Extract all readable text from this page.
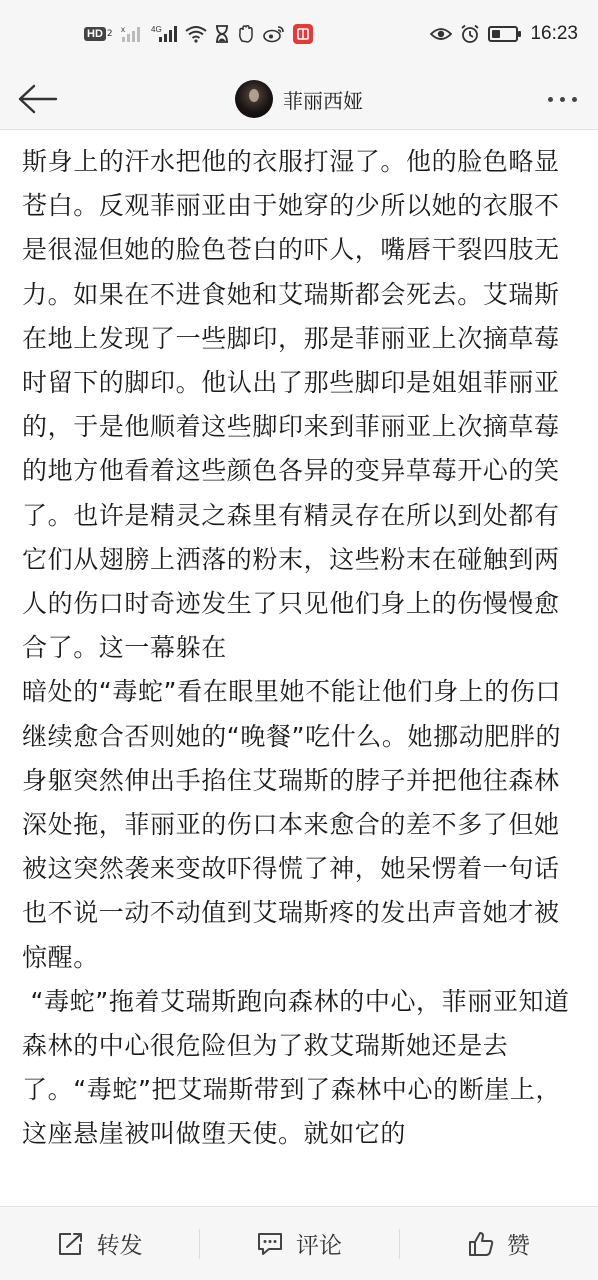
HD 2 x	4G	16:23
菲丽西娅

斯身上的汗水把他的衣服打湿了。他的脸色略显苍白。反观菲丽亚由于她穿的少所以她的衣服不是很湿但她的脸色苍白的吓人，嘴唇干裂四肢无力。如果在不进食她和艾瑞斯都会死去。艾瑞斯在地上发现了一些脚印，那是菲丽亚上次摘草莓时留下的脚印。他认出了那些脚印是姐姐菲丽亚的，于是他顺着这些脚印来到菲丽亚上次摘草莓的地方他看着这些颜色各异的变异草莓开心的笑了。也许是精灵之森里有精灵存在所以到处都有它们从翅膀上洒落的粉末，这些粉末在碰触到两人的伤口时奇迹发生了只见他们身上的伤慢慢愈合了。这一幕躲在

暗处的“毒蛇”看在眼里她不能让他们身上的伤口继续愈合否则她的“晚餐”吃什么。她挪动肥胖的身躯突然伸出手掐住艾瑞斯的脖子并把他往森林深处拖，菲丽亚的伤口本来愈合的差不多了但她被这突然袭来变故吓得慌了神，她呆愣着一句话也不说一动不动值到艾瑞斯疼的发出声音她才被惊醒。

“毒蛇”拖着艾瑞斯跑向森林的中心，菲丽亚知道森林的中心很危险但为了救艾瑞斯她还是去了。“毒蛇”把艾瑞斯带到了森林中心的断崖上，这座悬崖被叫做堕天使。就如它的

转发	评论	赞
